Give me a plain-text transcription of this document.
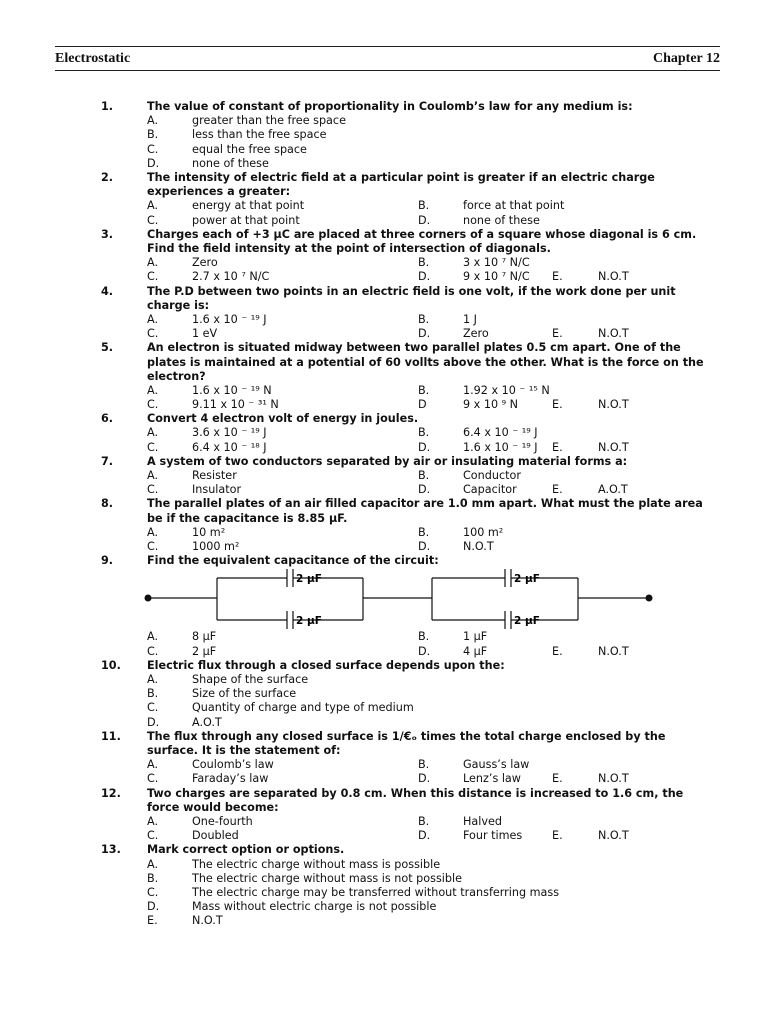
Electrostatic	Chapter 12
1.	The value of constant of proportionality in Coulomb’s law for any medium is:
A.	greater than the free space
B.	less than the free space
C.	equal the free space
D.	none of these
2.	The intensity of electric field at a particular point is greater if an electric charge experiences a greater:
A.	energy at that point	B.	force at that point
C.	power at that point	D.	none of these
3.	Charges each of +3 μC are placed at three corners of a square whose diagonal is 6 cm. Find the field intensity at the point of intersection of diagonals.
A.	Zero	B.	3 x 10 ⁷ N/C
C.	2.7 x 10 ⁷ N/C	D.	9 x 10 ⁷ N/C E.	N.O.T
4.	The P.D between two points in an electric field is one volt, if the work done per unit charge is:
A.	1.6 x 10 ⁻ ¹⁹ J	B.	1 J
C.	1 eV	D.	Zero	E.	N.O.T
5.	An electron is situated midway between two parallel plates 0.5 cm apart. One of the plates is maintained at a potential of 60 vollts above the other. What is the force on the electron?
A.	1.6 x 10 ⁻ ¹⁹ N	B.	1.92 x 10 ⁻ ¹⁵ N
C.	9.11 x 10 ⁻ ³¹ N	D	9 x 10 ⁹ N	E.	N.O.T
6.	Convert 4 electron volt of energy in joules.
A.	3.6 x 10 ⁻ ¹⁹ J	B.	6.4 x 10 ⁻ ¹⁹ J
C.	6.4 x 10 ⁻ ¹⁸ J	D.	1.6 x 10 ⁻ ¹⁹ J E.	N.O.T
7.	A system of two conductors separated by air or insulating material forms a:
A.	Resister	B.	Conductor
C.	Insulator	D.	Capacitor	E.	A.O.T
8.	The parallel plates of an air filled capacitor are 1.0 mm apart. What must the plate area be if the capacitance is 8.85 μF.
A.	10 m²	B.	100 m²
C.	1000 m²	D.	N.O.T
9.	Find the equivalent capacitance of the circuit:
2 μF
2 μF
2 μF
2 μF
A.	8 μF	B.	1 μF
C.	2 μF	D.	4 μF	E.	N.O.T
10.	Electric flux through a closed surface depends upon the:
A.	Shape of the surface
B.	Size of the surface
C.	Quantity of charge and type of medium
D.	A.O.T
11.	The flux through any closed surface is 1/€ₒ times the total charge enclosed by the surface. It is the statement of:
A.	Coulomb’s law	B.	Gauss’s law
C.	Faraday’s law	D.	Lenz’s law	E.	N.O.T
12.	Two charges are separated by 0.8 cm. When this distance is increased to 1.6 cm, the force would become:
A.	One-fourth	B.	Halved
C.	Doubled	D.	Four times	E.	N.O.T
13.	Mark correct option or options.
A.	The electric charge without mass is possible
B.	The electric charge without mass is not possible
C.	The electric charge may be transferred without transferring mass
D.	Mass without electric charge is not possible
E.	N.O.T
